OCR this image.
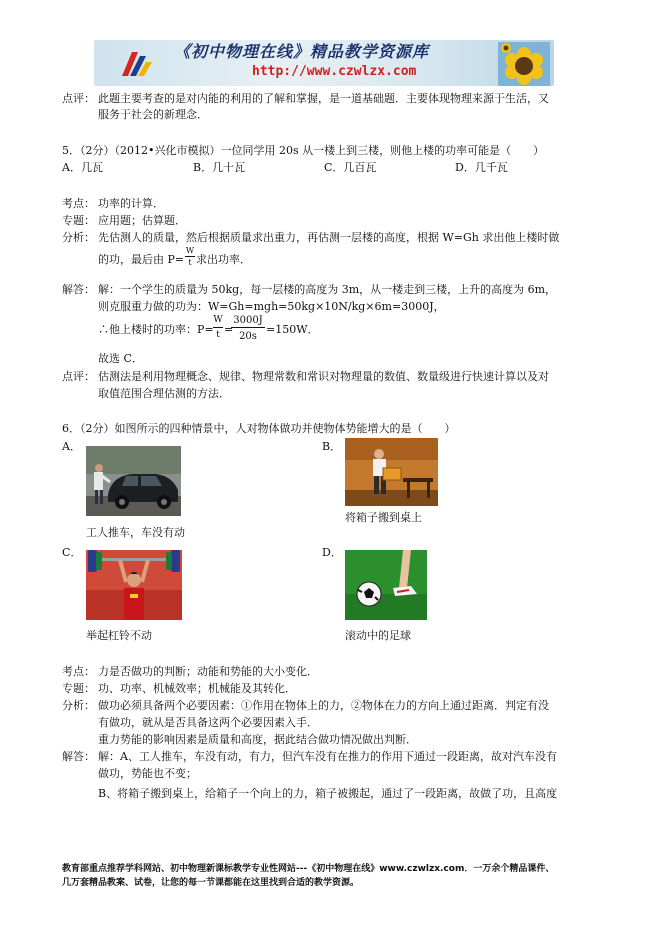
《初中物理在线》精品教学资源库
http://www.czwlzx.com
点评： 此题主要考查的是对内能的利用的了解和掌握，是一道基础题．主要体现物理来源于生活，又
服务于社会的新理念．
5．（2分）（2012•兴化市模拟）一位同学用 20s 从一楼上到三楼，则他上楼的功率可能是（　　）
A．几瓦	B．几十瓦	C．几百瓦	D．几千瓦
考点： 功率的计算．
专题： 应用题；估算题．
分析： 先估测人的质量，然后根据质量求出重力，再估测一层楼的高度，根据 W=Gh 求出他上楼时做
的功，最后由 P=
W
t 求出功率．
解答： 解：一个学生的质量为 50kg，每一层楼的高度为 3m，从一楼走到三楼，上升的高度为 6m，
则克服重力做的功为：W=Gh=mgh=50kg×10N/kg×6m=3000J，
∴他上楼时的功率：P=
W
t =
3000J
20s
=150W．
故选 C．
点评： 估测法是利用物理概念、规律、物理常数和常识对物理量的数值、数量级进行快速计算以及对
取值范围合理估测的方法．
6．（2分）如图所示的四种情景中，人对物体做功并使物体势能增大的是（　　）
A．	B．
工人推车，车没有动
将箱子搬到桌上
C．	D．
举起杠铃不动	滚动中的足球
考点： 力是否做功的判断；动能和势能的大小变化．
专题： 功、功率、机械效率；机械能及其转化．
分析： 做功必须具备两个必要因素：①作用在物体上的力，②物体在力的方向上通过距离．判定有没
有做功，就从是否具备这两个必要因素入手．
重力势能的影响因素是质量和高度，据此结合做功情况做出判断．
解答： 解：A、工人推车，车没有动，有力，但汽车没有在推力的作用下通过一段距离，故对汽车没有
做功，势能也不变；
B、将箱子搬到桌上，给箱子一个向上的力，箱子被搬起，通过了一段距离，故做了功，且高度
教育部重点推荐学科网站、初中物理新课标教学专业性网站---《初中物理在线》www.czwlzx.com．一万余个精品课件、
几万套精品教案、试卷，让您的每一节课都能在这里找到合适的教学资源。
